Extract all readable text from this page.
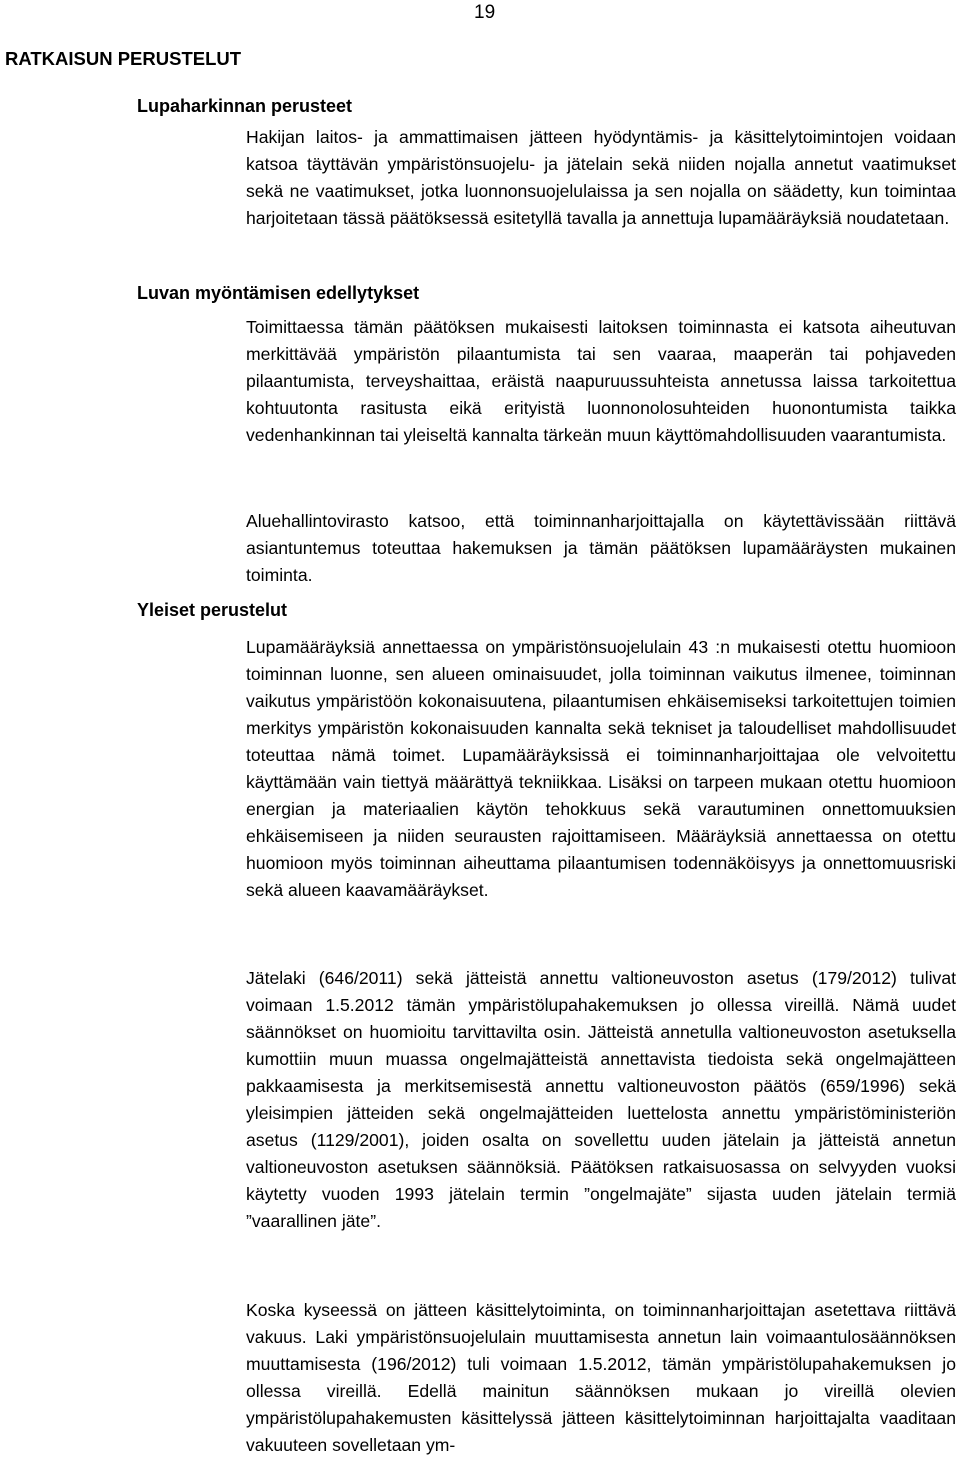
19
RATKAISUN PERUSTELUT
Lupaharkinnan perusteet

Hakijan laitos- ja ammattimaisen jätteen hyödyntämis- ja käsittelytoimintojen voidaan katsoa täyttävän ympäristönsuojelu- ja jätelain sekä niiden nojalla annetut vaatimukset sekä ne vaatimukset, jotka luonnonsuojelulaissa ja sen nojalla on säädetty, kun toimintaa harjoitetaan tässä päätöksessä esitetyllä tavalla ja annettuja lupamääräyksiä noudatetaan.

Luvan myöntämisen edellytykset

Toimittaessa tämän päätöksen mukaisesti laitoksen toiminnasta ei katsota aiheutuvan merkittävää ympäristön pilaantumista tai sen vaaraa, maaperän tai pohjaveden pilaantumista, terveyshaittaa, eräistä naapuruussuhteista annetussa laissa tarkoitettua kohtuutonta rasitusta eikä erityistä luonnonolosuhteiden huonontumista taikka vedenhankinnan tai yleiseltä kannalta tärkeän muun käyttömahdollisuuden vaarantumista.

Aluehallintovirasto katsoo, että toiminnanharjoittajalla on käytettävissään riittävä asiantuntemus toteuttaa hakemuksen ja tämän päätöksen lupamääräysten mukainen toiminta.

Yleiset perustelut

Lupamääräyksiä annettaessa on ympäristönsuojelulain 43 :n mukaisesti otettu huomioon toiminnan luonne, sen alueen ominaisuudet, jolla toiminnan vaikutus ilmenee, toiminnan vaikutus ympäristöön kokonaisuutena, pilaantumisen ehkäisemiseksi tarkoitettujen toimien merkitys ympäristön kokonaisuuden kannalta sekä tekniset ja taloudelliset mahdollisuudet toteuttaa nämä toimet. Lupamääräyksissä ei toiminnanharjoittajaa ole velvoitettu käyttämään vain tiettyä määrättyä tekniikkaa. Lisäksi on tarpeen mukaan otettu huomioon energian ja materiaalien käytön tehokkuus sekä varautuminen onnettomuuksien ehkäisemiseen ja niiden seurausten rajoittamiseen. Määräyksiä annettaessa on otettu huomioon myös toiminnan aiheuttama pilaantumisen todennäköisyys ja onnettomuusriski sekä alueen kaavamääräykset.

Jätelaki (646/2011) sekä jätteistä annettu valtioneuvoston asetus (179/2012) tulivat voimaan 1.5.2012 tämän ympäristölupahakemuksen jo ollessa vireillä. Nämä uudet säännökset on huomioitu tarvittavilta osin. Jätteistä annetulla valtioneuvoston asetuksella kumottiin muun muassa ongelmajätteistä annettavista tiedoista sekä ongelmajätteen pakkaamisesta ja merkitsemisestä annettu valtioneuvoston päätös (659/1996) sekä yleisimpien jätteiden sekä ongelmajätteiden luettelosta annettu ympäristöministeriön asetus (1129/2001), joiden osalta on sovellettu uuden jätelain ja jätteistä annetun valtioneuvoston asetuksen säännöksiä. Päätöksen ratkaisuosassa on selvyyden vuoksi käytetty vuoden 1993 jätelain termin ”ongelmajäte” sijasta uuden jätelain termiä ”vaarallinen jäte”.

Koska kyseessä on jätteen käsittelytoiminta, on toiminnanharjoittajan asetettava riittävä vakuus. Laki ympäristönsuojelulain muuttamisesta annetun lain voimaantulosäännöksen muuttamisesta (196/2012) tuli voimaan 1.5.2012, tämän ympäristölupahakemuksen jo ollessa vireillä. Edellä mainitun säännöksen mukaan jo vireillä olevien ympäristölupahakemusten käsittelyssä jätteen käsittelytoiminnan harjoittajalta vaaditaan vakuuteen sovelletaan ym-
